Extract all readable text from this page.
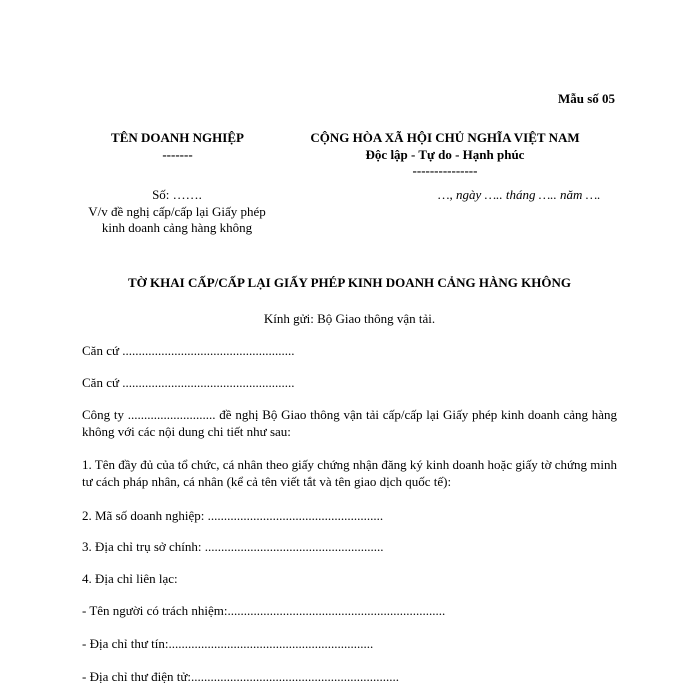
Mẫu số 05
TÊN DOANH NGHIỆP
-------
CỘNG HÒA XÃ HỘI CHỦ NGHĨA VIỆT NAM
Độc lập - Tự do - Hạnh phúc
---------------
Số: …….
V/v đề nghị cấp/cấp lại Giấy phép
kinh doanh cảng hàng không
…, ngày ….. tháng ….. năm ….
TỜ KHAI CẤP/CẤP LẠI GIẤY PHÉP KINH DOANH CẢNG HÀNG KHÔNG
Kính gửi: Bộ Giao thông vận tải.
Căn cứ .....................................................
Căn cứ .....................................................
Công ty ........................... đề nghị Bộ Giao thông vận tải cấp/cấp lại Giấy phép kinh doanh cảng hàng không với các nội dung chi tiết như sau:
1. Tên đầy đủ của tổ chức, cá nhân theo giấy chứng nhận đăng ký kinh doanh hoặc giấy tờ chứng minh tư cách pháp nhân, cá nhân (kể cả tên viết tắt và tên giao dịch quốc tế):
2. Mã số doanh nghiệp: ......................................................
3. Địa chỉ trụ sở chính: .......................................................
4. Địa chỉ liên lạc:
- Tên người có trách nhiệm:...................................................................
- Địa chỉ thư tín:...............................................................
- Địa chỉ thư điện tử:................................................................
